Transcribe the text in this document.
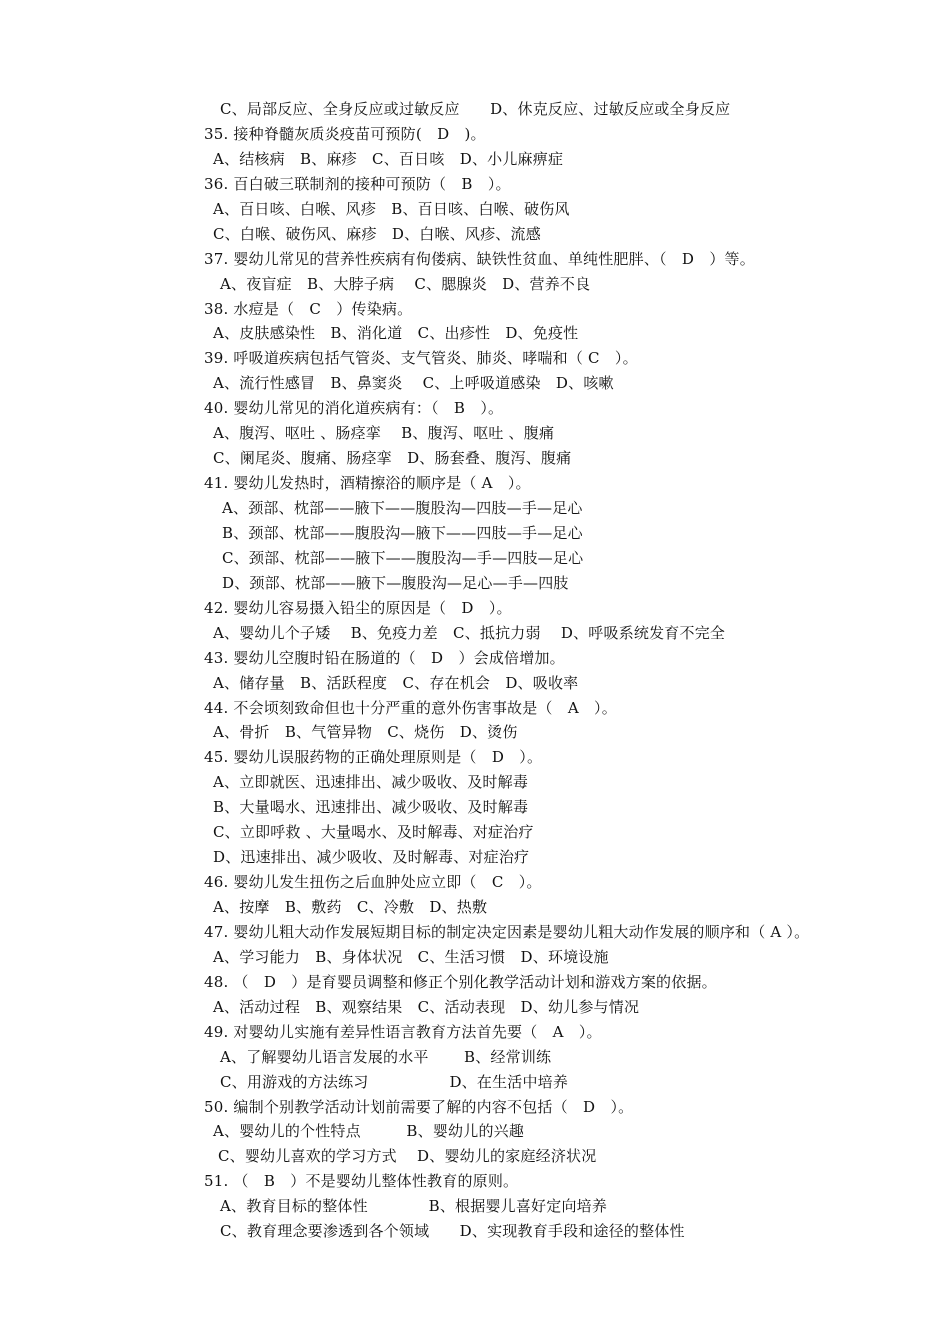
C、局部反应、全身反应或过敏反应　　D、休克反应、过敏反应或全身反应
35. 接种脊髓灰质炎疫苗可预防(　D　)。
A、结核病　B、麻疹　C、百日咳　D、小儿麻痹症
36. 百白破三联制剂的接种可预防（　B　）。
A、百日咳、白喉、风疹　B、百日咳、白喉、破伤风
C、白喉、破伤风、麻疹　D、白喉、风疹、流感
37. 婴幼儿常见的营养性疾病有佝偻病、缺铁性贫血、单纯性肥胖、（　D　）等。
A、夜盲症　B、大脖子病　 C、腮腺炎　D、营养不良
38. 水痘是（　C　）传染病。
A、皮肤感染性　B、消化道　C、出疹性　D、免疫性
39. 呼吸道疾病包括气管炎、支气管炎、肺炎、哮喘和（ C　）。
A、流行性感冒　B、鼻窦炎　 C、上呼吸道感染　D、咳嗽
40. 婴幼儿常见的消化道疾病有：（　B　）。
A、腹泻、呕吐 、肠痉挛　 B、腹泻、呕吐 、腹痛
C、阑尾炎、腹痛、肠痉挛　D、肠套叠、腹泻、腹痛
41. 婴幼儿发热时，酒精擦浴的顺序是（ A　）。
A、颈部、枕部——腋下——腹股沟—四肢—手—足心
B、颈部、枕部——腹股沟—腋下——四肢—手—足心
C、颈部、枕部——腋下——腹股沟—手—四肢—足心
D、颈部、枕部——腋下—腹股沟—足心—手—四肢
42. 婴幼儿容易摄入铅尘的原因是（　D　）。
A、婴幼儿个子矮　 B、免疫力差　C、抵抗力弱　 D、呼吸系统发育不完全
43. 婴幼儿空腹时铅在肠道的（　D　）会成倍增加。
A、储存量　B、活跃程度　C、存在机会　D、吸收率
44. 不会顷刻致命但也十分严重的意外伤害事故是（　A　）。
A、骨折　B、气管异物　C、烧伤　D、烫伤
45. 婴幼儿误服药物的正确处理原则是（　D　）。
A、立即就医、迅速排出、减少吸收、及时解毒
B、大量喝水、迅速排出、减少吸收、及时解毒
C、立即呼救 、大量喝水、及时解毒、对症治疗
D、迅速排出、减少吸收、及时解毒、对症治疗
46. 婴幼儿发生扭伤之后血肿处应立即（　C　）。
A、按摩　B、敷药　C、冷敷　D、热敷
47. 婴幼儿粗大动作发展短期目标的制定决定因素是婴幼儿粗大动作发展的顺序和（ A ）。
A、学习能力　B、身体状况　C、生活习惯　D、环境设施
48. （　D　）是育婴员调整和修正个别化教学活动计划和游戏方案的依据。
A、活动过程　B、观察结果　C、活动表现　D、幼儿参与情况
49. 对婴幼儿实施有差异性语言教育方法首先要（　A　）。
A、了解婴幼儿语言发展的水平　　 B、经常训练
C、用游戏的方法练习　　　　　 D、在生活中培养
50. 编制个别教学活动计划前需要了解的内容不包括（　D　）。
A、婴幼儿的个性特点　　　B、婴幼儿的兴趣
C、婴幼儿喜欢的学习方式　 D、婴幼儿的家庭经济状况
51. （　B　）不是婴幼儿整体性教育的原则。
A、教育目标的整体性　　　　B、根据婴儿喜好定向培养
C、教育理念要渗透到各个领域　　D、实现教育手段和途径的整体性
